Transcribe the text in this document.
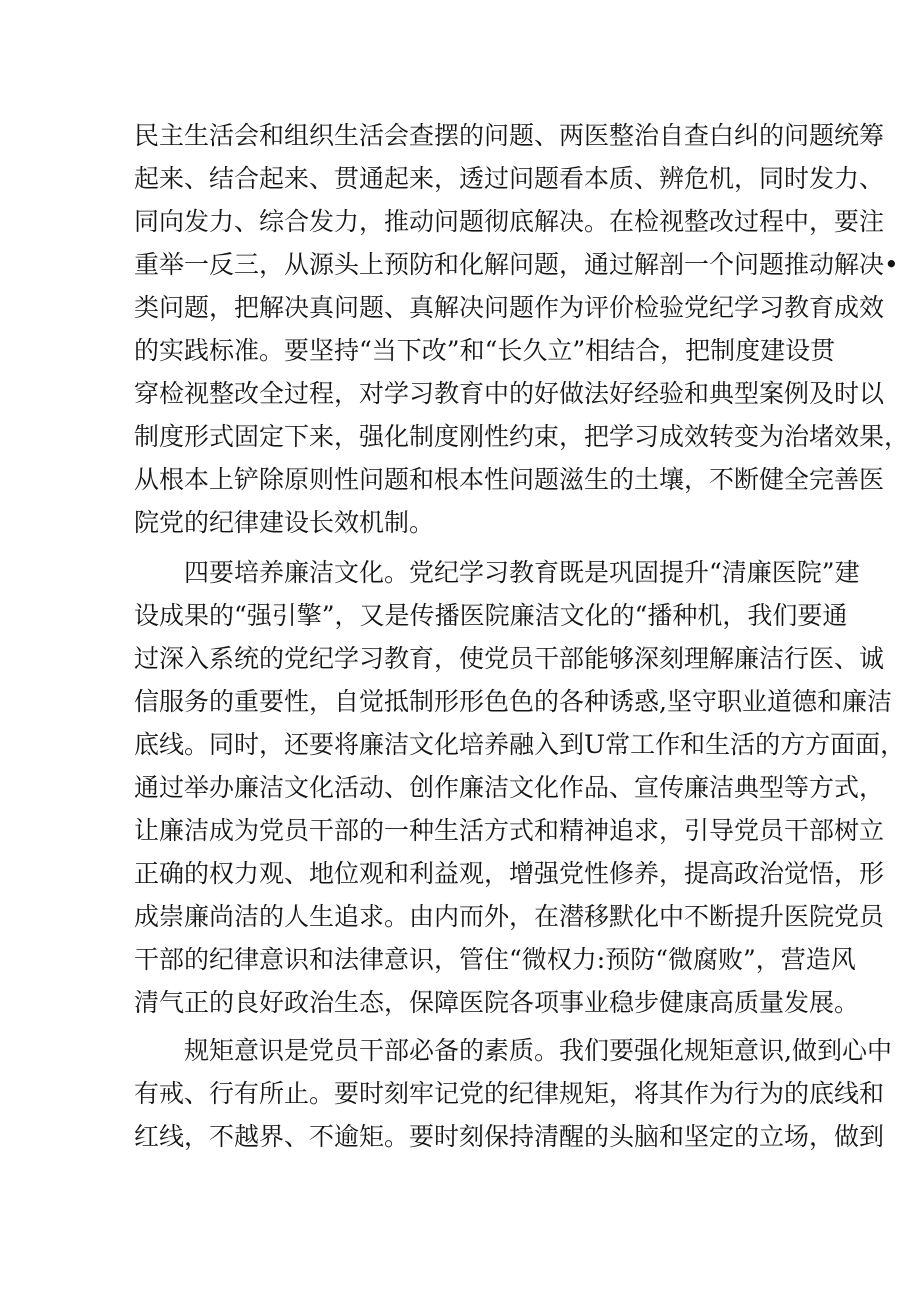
民主生活会和组织生活会查摆的问题、两医整治自查白纠的问题统筹
起来、结合起来、贯通起来，透过问题看本质、辨危机，同时发力、
同向发力、综合发力，推动问题彻底解决。在检视整改过程中，要注
重举一反三，从源头上预防和化解问题，通过解剖一个问题推动解决•
类问题，把解决真问题、真解决问题作为评价检验党纪学习教育成效
的实践标准。要坚持“当下改”和“长久立”相结合，把制度建设贯
穿检视整改全过程，对学习教育中的好做法好经验和典型案例及时以
制度形式固定下来，强化制度刚性约束，把学习成效转变为治堵效果，
从根本上铲除原则性问题和根本性问题滋生的土壤，不断健全完善医
院党的纪律建设长效机制。
四要培养廉洁文化。党纪学习教育既是巩固提升“清廉医院”建
设成果的“强引擎”，又是传播医院廉洁文化的“播种机，我们要通
过深入系统的党纪学习教育，使党员干部能够深刻理解廉洁行医、诚
信服务的重要性，自觉抵制形形色色的各种诱惑,坚守职业道德和廉洁
底线。同时，还要将廉洁文化培养融入到U常工作和生活的方方面面，
通过举办廉洁文化活动、创作廉洁文化作品、宣传廉洁典型等方式，
让廉洁成为党员干部的一种生活方式和精神追求，引导党员干部树立
正确的权力观、地位观和利益观，增强党性修养，提高政治觉悟，形
成崇廉尚洁的人生追求。由内而外，在潜移默化中不断提升医院党员
干部的纪律意识和法律意识，管住“微权力:预防“微腐败”，营造风
清气正的良好政治生态，保障医院各项事业稳步健康高质量发展。
规矩意识是党员干部必备的素质。我们要强化规矩意识,做到心中
有戒、行有所止。要时刻牢记党的纪律规矩，将其作为行为的底线和
红线，不越界、不逾矩。要时刻保持清醒的头脑和坚定的立场，做到
